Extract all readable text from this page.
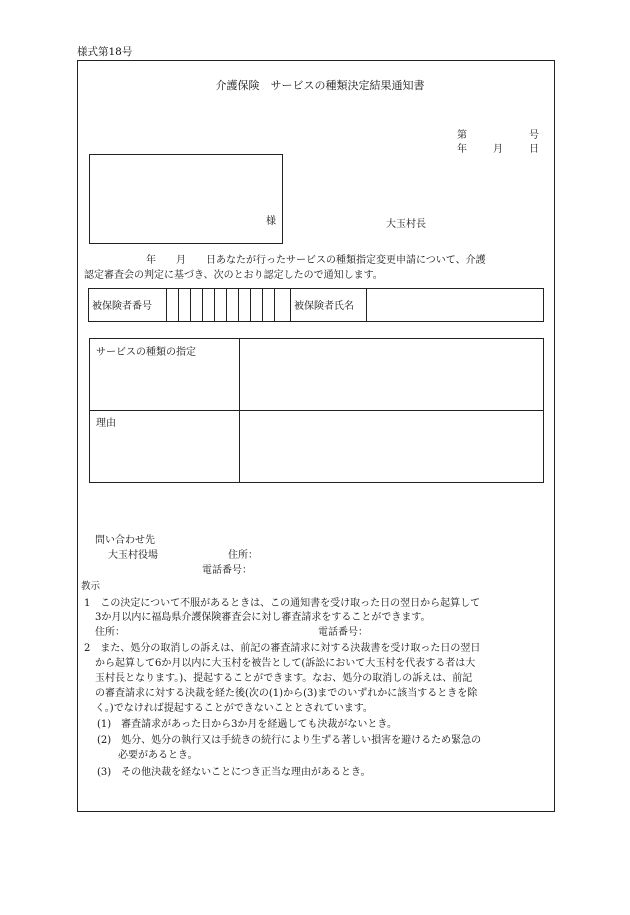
様式第18号
介護保険　サービスの種類決定結果通知書
第	号
年	月	日
様	大玉村長
年　　月　　日あなたが行ったサービスの種類指定変更申請について、介護
認定審査会の判定に基づき、次のとおり認定したので通知します。
被保険者番号	被保険者氏名
サービスの種類の指定
理由
問い合わせ先
大玉村役場	住所：
電話番号：
教示
1　この決定について不服があるときは、この通知書を受け取った日の翌日から起算して
3か月以内に福島県介護保険審査会に対し審査請求をすることができます。
住所：	電話番号：
2　また、処分の取消しの訴えは、前記の審査請求に対する決裁書を受け取った日の翌日
から起算して6か月以内に大玉村を被告として(訴訟において大玉村を代表する者は大
玉村長となります。)、提起することができます。なお、処分の取消しの訴えは、前記
の審査請求に対する決裁を経た後(次の(1)から(3)までのいずれかに該当するときを除
く。)でなければ提起することができないこととされています。
(1)　審査請求があった日から3か月を経過しても決裁がないとき。
(2)　処分、処分の執行又は手続きの続行により生ずる著しい損害を避けるため緊急の
必要があるとき。
(3)　その他決裁を経ないことにつき正当な理由があるとき。
